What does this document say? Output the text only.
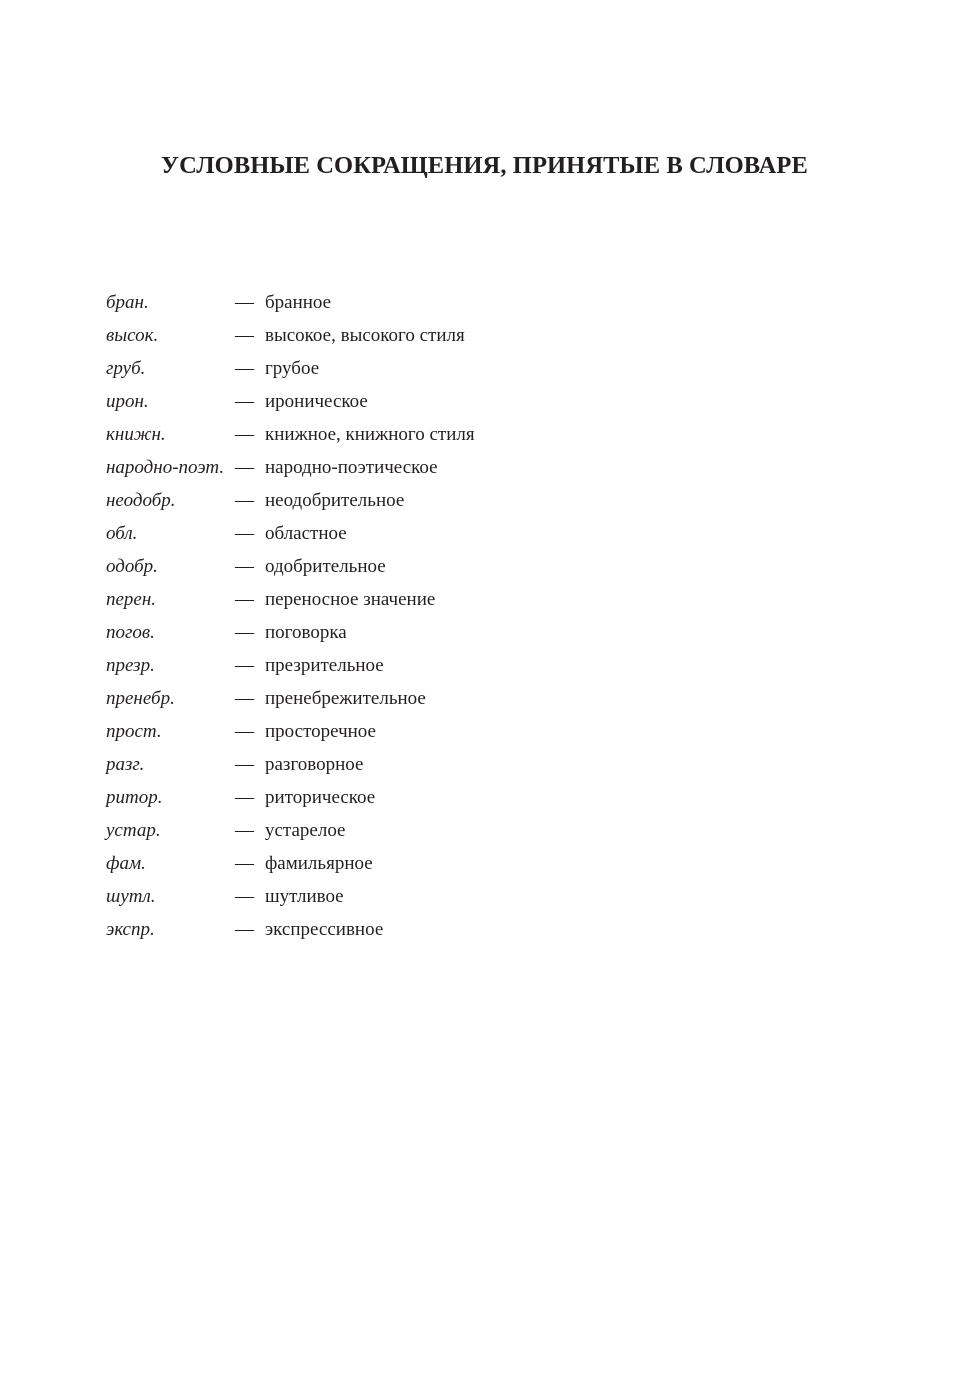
УСЛОВНЫЕ СОКРАЩЕНИЯ, ПРИНЯТЫЕ В СЛОВАРЕ
бран.	— бранное
высок.	— высокое, высокого стиля
груб.	— грубое
ирон.	— ироническое
книжн.	— книжное, книжного стиля
народно-поэт. — народно-поэтическое
неодобр.	— неодобрительное
обл.	— областное
одобр.	— одобрительное
перен.	— переносное значение
погов.	— поговорка
презр.	— презрительное
пренебр.	— пренебрежительное
прост.	— просторечное
разг.	— разговорное
ритор.	— риторическое
устар.	— устарелое
фам.	— фамильярное
шутл.	— шутливое
экспр.	— экспрессивное
